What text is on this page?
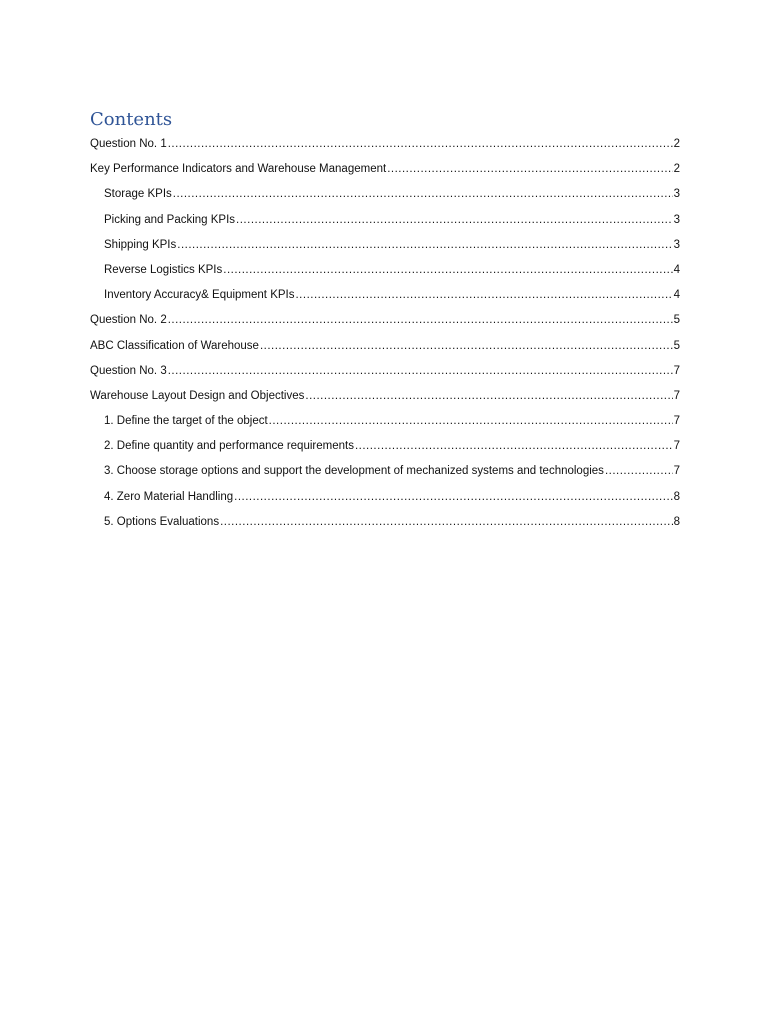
Contents
Question No. 1 .....	2
Key Performance Indicators and Warehouse Management .....	2
Storage KPIs .....	3
Picking and Packing KPIs .....	3
Shipping KPIs .....	3
Reverse Logistics KPIs .....	4
Inventory Accuracy& Equipment KPIs .....	4
Question No. 2 .....	5
ABC Classification of Warehouse .....	5
Question No. 3 .....	7
Warehouse Layout Design and Objectives .....	7
1. Define the target of the object .....	7
2. Define quantity and performance requirements .....	7
3. Choose storage options and support the development of mechanized systems and technologies .....	7
4. Zero Material Handling .....	8
5. Options Evaluations .....	8
